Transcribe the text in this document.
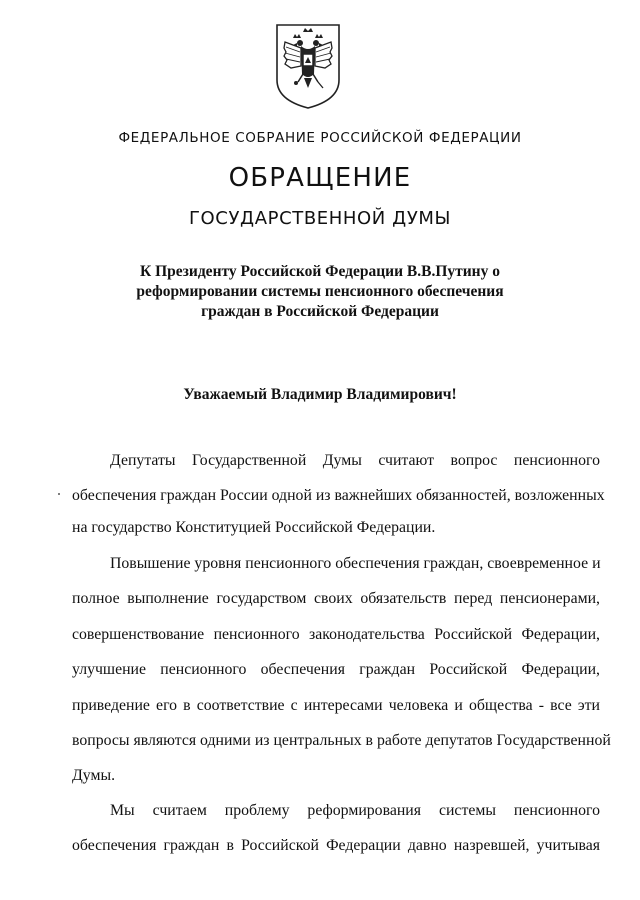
ФЕДЕРАЛЬНОЕ СОБРАНИЕ РОССИЙСКОЙ ФЕДЕРАЦИИ
ОБРАЩЕНИЕ
ГОСУДАРСТВЕННОЙ ДУМЫ
К Президенту Российской Федерации В.В.Путину о
реформировании системы пенсионного обеспечения
граждан в Российской Федерации
Уважаемый Владимир Владимирович!
Депутаты Государственной Думы считают вопрос пенсионного
обеспечения граждан России одной из важнейших обязанностей, возложенных
на государство Конституцией Российской Федерации.
Повышение уровня пенсионного обеспечения граждан, своевременное и
полное выполнение государством своих обязательств перед пенсионерами,
совершенствование пенсионного законодательства Российской Федерации,
улучшение пенсионного обеспечения граждан Российской Федерации,
приведение его в соответствие с интересами человека и общества - все эти
вопросы являются одними из центральных в работе депутатов Государственной
Думы.
Мы считаем проблему реформирования системы пенсионного
обеспечения граждан в Российской Федерации давно назревшей, учитывая
